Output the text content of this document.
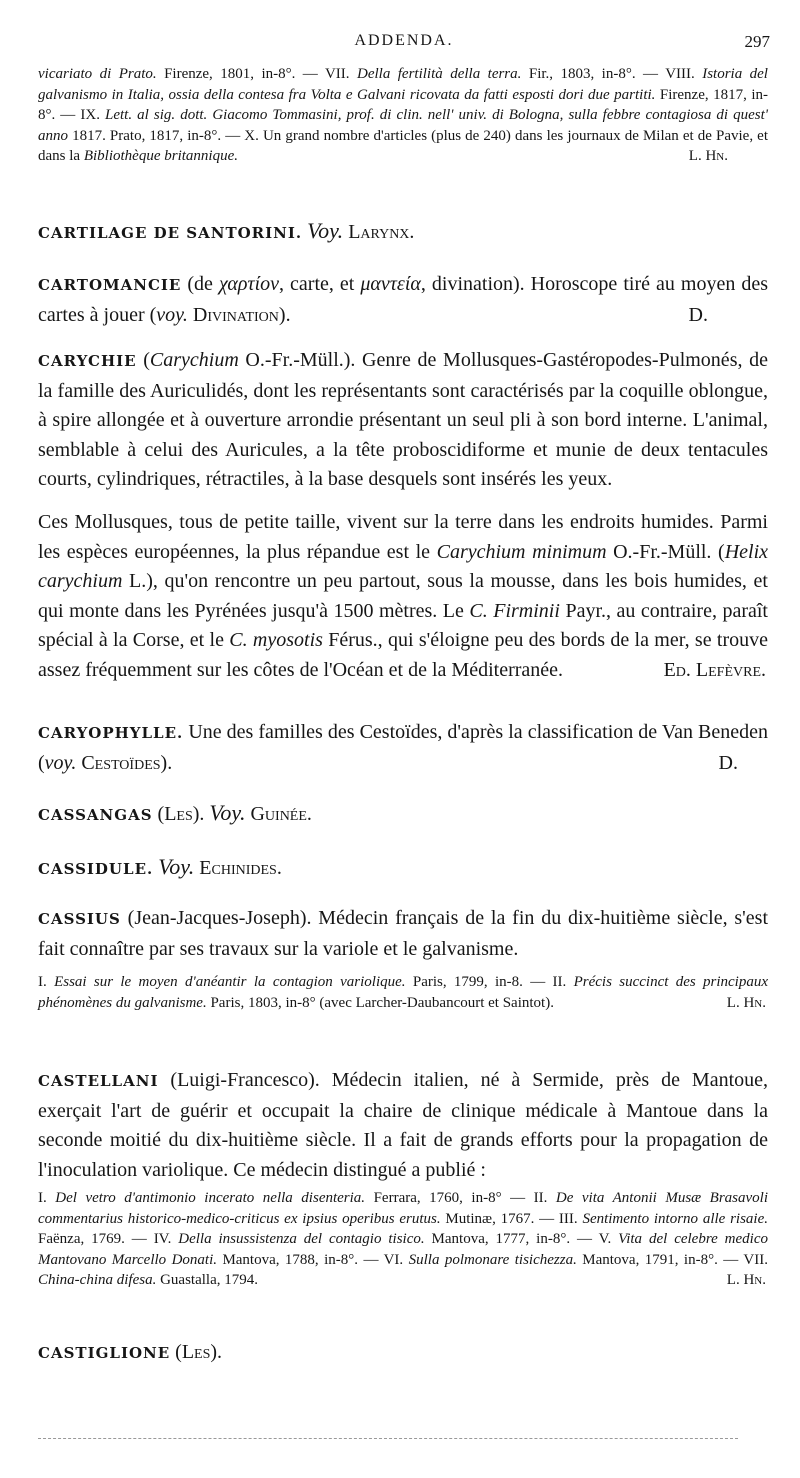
ADDENDA.	297
vicariato di Prato. Firenze, 1801, in-8°. — VII. Della fertilità della terra. Fir., 1803, in-8°. — VIII. Istoria del galvanismo in Italia, ossia della contesa fra Volta e Galvani ricovata da fatti esposti dori due partiti. Firenze, 1817, in-8°. — IX. Lett. al sig. dott. Giacomo Tommasini, prof. di clin. nell' univ. di Bologna, sulla febbre contagiosa di quest' anno 1817. Prato, 1817, in-8°. — X. Un grand nombre d'articles (plus de 240) dans les journaux de Milan et de Pavie, et dans la Bibliothèque britannique.	L. Hn.
CARTILAGE DE SANTORINI. Voy. Larynx.
CARTOMANCIE (de χαρτίον, carte, et μαντεία, divination). Horoscope tiré au moyen des cartes à jouer (voy. Divination).	D.
CARYCHIE (Carychium O.-Fr.-Müll.). Genre de Mollusques-Gastéropodes-Pulmonés, de la famille des Auriculidés, dont les représentants sont caractérisés par la coquille oblongue, à spire allongée et à ouverture arrondie présentant un seul pli à son bord interne. L'animal, semblable à celui des Auricules, a la tête proboscidiforme et munie de deux tentacules courts, cylindriques, rétractiles, à la base desquels sont insérés les yeux.
Ces Mollusques, tous de petite taille, vivent sur la terre dans les endroits humides. Parmi les espèces européennes, la plus répandue est le Carychium minimum O.-Fr.-Müll. (Helix carychium L.), qu'on rencontre un peu partout, sous la mousse, dans les bois humides, et qui monte dans les Pyrénées jusqu'à 1500 mètres. Le C. Firminii Payr., au contraire, paraît spécial à la Corse, et le C. myosotis Férus., qui s'éloigne peu des bords de la mer, se trouve assez fréquemment sur les côtes de l'Océan et de la Méditerranée.	Ed. Lefèvre.
CARYOPHYLLE. Une des familles des Cestoïdes, d'après la classification de Van Beneden (voy. Cestoïdes).	D.
CASSANGAS (Les). Voy. Guinée.
CASSIDULE. Voy. Echinides.
CASSIUS (Jean-Jacques-Joseph). Médecin français de la fin du dix-huitième siècle, s'est fait connaître par ses travaux sur la variole et le galvanisme.
I. Essai sur le moyen d'anéantir la contagion variolique. Paris, 1799, in-8. — II. Précis succinct des principaux phénomènes du galvanisme. Paris, 1803, in-8° (avec Larcher-Daubancourt et Saintot).	L. Hn.
CASTELLANI (Luigi-Francesco). Médecin italien, né à Sermide, près de Mantoue, exerçait l'art de guérir et occupait la chaire de clinique médicale à Mantoue dans la seconde moitié du dix-huitième siècle. Il a fait de grands efforts pour la propagation de l'inoculation variolique. Ce médecin distingué a publié :
I. Del vetro d'antimonio incerato nella disenteria. Ferrara, 1760, in-8° — II. De vita Antonii Musæ Brasavoli commentarius historico-medico-criticus ex ipsius operibus erutus. Mutinæ, 1767. — III. Sentimento intorno alle risaie. Faënza, 1769. — IV. Della insussistenza del contagio tisico. Mantova, 1777, in-8°. — V. Vita del celebre medico Mantovano Marcello Donati. Mantova, 1788, in-8°. — VI. Sulla polmonare tisichezza. Mantova, 1791, in-8°. — VII. China-china difesa. Guastalla, 1794.	L. Hn.
CASTIGLIONE (Les).
